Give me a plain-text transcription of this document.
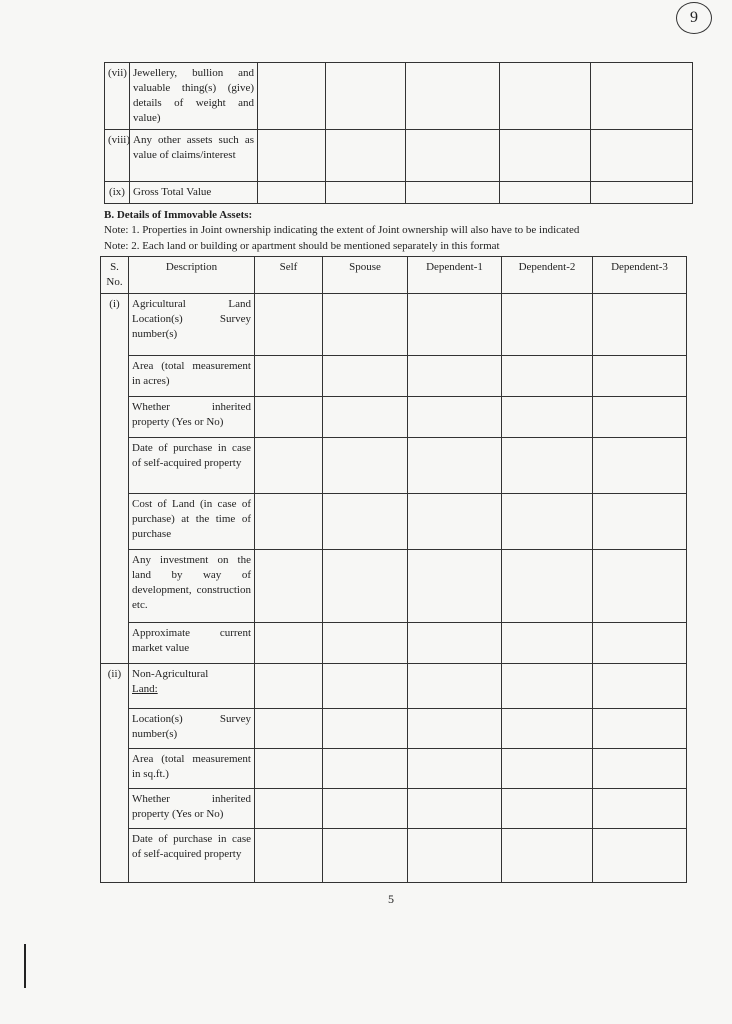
9
(vii)	Jewellery, bullion and valuable thing(s) (give) details of weight and value)					
(viii)	Any other assets such as value of claims/interest					
(ix)	Gross Total Value					
B. Details of Immovable Assets:
Note: 1. Properties in Joint ownership indicating the extent of Joint ownership will also have to be indicated
Note: 2. Each land or building or apartment should be mentioned separately in this format
S. No.	Description	Self	Spouse	Dependent-1	Dependent-2	Dependent-3
(i)	Agricultural Land Location(s) Survey number(s)					
	Area (total measurement in acres)					
	Whether inherited property (Yes or No)					
	Date of purchase in case of self-acquired property					
	Cost of Land (in case of purchase) at the time of purchase					
	Any investment on the land by way of development, construction etc.					
	Approximate current market value					
(ii)	Non-Agricultural
Land:					
	Location(s) Survey number(s)					
	Area (total measurement in sq.ft.)					
	Whether inherited property (Yes or No)					
	Date of purchase in case of self-acquired property					
5
